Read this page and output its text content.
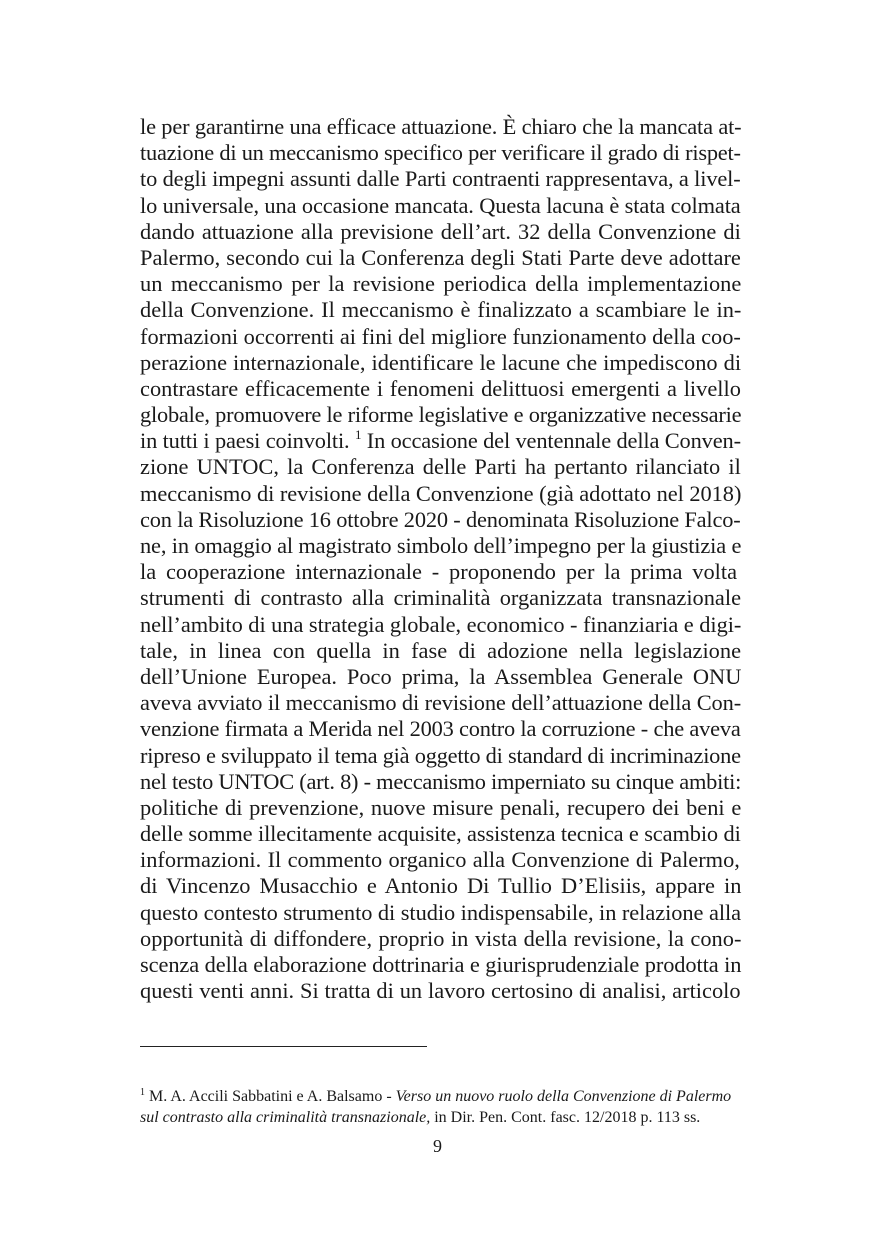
le per garantirne una efficace attuazione. È chiaro che la mancata at-
tuazione di un meccanismo specifico per verificare il grado di rispet-
to degli impegni assunti dalle Parti contraenti rappresentava, a livel-
lo universale, una occasione mancata. Questa lacuna è stata colmata
dando attuazione alla previsione dell’art. 32 della Convenzione di
Palermo, secondo cui la Conferenza degli Stati Parte deve adottare
un meccanismo per la revisione periodica della implementazione
della Convenzione. Il meccanismo è finalizzato a scambiare le in-
formazioni occorrenti ai fini del migliore funzionamento della coo-
perazione internazionale, identificare le lacune che impediscono di
contrastare efficacemente i fenomeni delittuosi emergenti a livello
globale, promuovere le riforme legislative e organizzative necessarie
in tutti i paesi coinvolti. $^1$ In occasione del ventennale della Conven-
zione UNTOC, la Conferenza delle Parti ha pertanto rilanciato il
meccanismo di revisione della Convenzione (già adottato nel 2018)
con la Risoluzione 16 ottobre 2020 - denominata Risoluzione Falco-
ne, in omaggio al magistrato simbolo dell’impegno per la giustizia e
la cooperazione internazionale - proponendo per la prima volta
strumenti di contrasto alla criminalità organizzata transnazionale
nell’ambito di una strategia globale, economico - finanziaria e digi-
tale, in linea con quella in fase di adozione nella legislazione
dell’Unione Europea. Poco prima, la Assemblea Generale ONU
aveva avviato il meccanismo di revisione dell’attuazione della Con-
venzione firmata a Merida nel 2003 contro la corruzione - che aveva
ripreso e sviluppato il tema già oggetto di standard di incriminazione
nel testo UNTOC (art. 8) - meccanismo imperniato su cinque ambiti:
politiche di prevenzione, nuove misure penali, recupero dei beni e
delle somme illecitamente acquisite, assistenza tecnica e scambio di
informazioni. Il commento organico alla Convenzione di Palermo,
di Vincenzo Musacchio e Antonio Di Tullio D’Elisiis, appare in
questo contesto strumento di studio indispensabile, in relazione alla
opportunità di diffondere, proprio in vista della revisione, la cono-
scenza della elaborazione dottrinaria e giurisprudenziale prodotta in
questi venti anni. Si tratta di un lavoro certosino di analisi, articolo
$^1$ M. A. Accili Sabbatini e A. Balsamo - Verso un nuovo ruolo della Convenzione di Palermo
sul contrasto alla criminalità transnazionale, in Dir. Pen. Cont. fasc. 12/2018 p. 113 ss.
9
